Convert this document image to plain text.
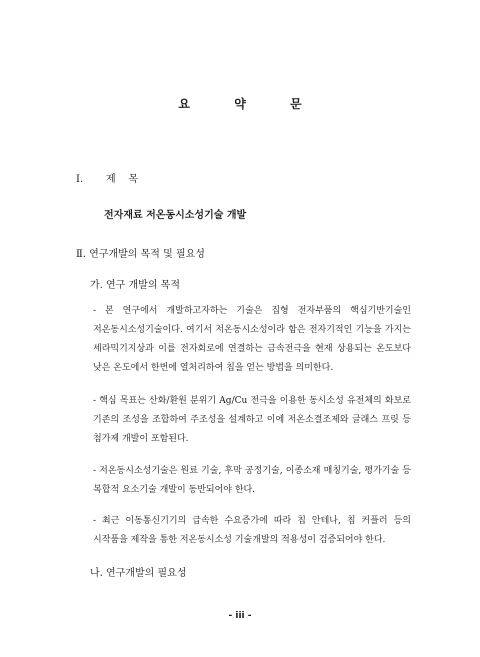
요 약 문
Ⅰ. 제    목
전자재료 저온동시소성기술 개발
Ⅱ. 연구개발의 목적 및 필요성
가. 연구 개발의 목적
- 본 연구에서 개발하고자하는 기술은 집형 전자부품의 핵심기반기술인 저온동시소성기술이다. 여기서 저온동시소성이라 함은 전자기적인 기능을 가지는 세라믹기지상과 이를 전자회로에 연결하는 금속전극을 현재 상용되는 온도보다 낮은 온도에서 한번에 열처리하여 칩을 얻는 방법을 의미한다.
- 핵심 목표는 산화/환원 분위기 Ag/Cu 전극을 이용한 동시소성 유전체의 화보로 기존의 조성을 조합하여 주조성을 설계하고 이에 저온소결조제와 글래스 프릿 등 첨가제 개발이 포함된다.
- 저온동시소성기술은 원료 기술, 후막 공정기술, 이종소재 매칭기술, 평가기술 등 복합적 요소기술 개발이 동반되어야 한다.
- 최근 이동통신기기의 급속한 수요증가에 따라 칩 안테나, 칩 커플러 등의 시작품을 제작을 통한 저온동시소성 기술개발의 적용성이 검증되어야 한다.
나. 연구개발의 필요성
- iii -
